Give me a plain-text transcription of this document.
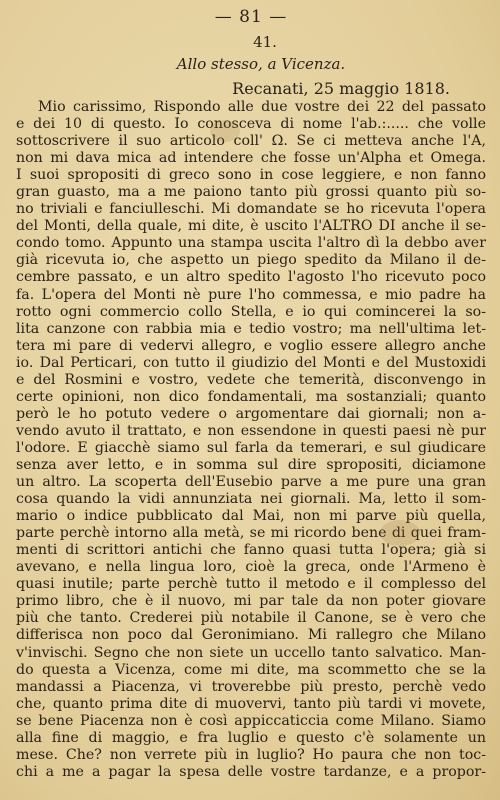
— 81 —
41.
Allo stesso, a Vicenza.
Recanati, 25 maggio 1818.
Mio carissimo, Rispondo alle due vostre dei 22 del passato
e dei 10 di questo. Io conosceva di nome l'ab.:..... che volle
sottoscrivere il suo articolo coll' Ω. Se ci metteva anche l'A,
non mi dava mica ad intendere che fosse un'Alpha et Omega.
I suoi spropositi di greco sono in cose leggiere, e non fanno
gran guasto, ma a me paiono tanto più grossi quanto più so-
no triviali e fanciulleschi. Mi domandate se ho ricevuta l'opera
del Monti, della quale, mi dite, è uscito l'ALTRO DI anche il se-
condo tomo. Appunto una stampa uscita l'altro dì la debbo aver
già ricevuta io, che aspetto un piego spedito da Milano il de-
cembre passato, e un altro spedito l'agosto l'ho ricevuto poco
fa. L'opera del Monti nè pure l'ho commessa, e mio padre ha
rotto ogni commercio collo Stella, e io qui comincerei la so-
lita canzone con rabbia mia e tedio vostro; ma nell'ultima let-
tera mi pare di vedervi allegro, e voglio essere allegro anche
io. Dal Perticari, con tutto il giudizio del Monti e del Mustoxidi
e del Rosmini e vostro, vedete che temerità, disconvengo in
certe opinioni, non dico fondamentali, ma sostanziali; quanto
però le ho potuto vedere o argomentare dai giornali; non a-
vendo avuto il trattato, e non essendone in questi paesi nè pur
l'odore. E giacchè siamo sul farla da temerari, e sul giudicare
senza aver letto, e in somma sul dire spropositi, diciamone
un altro. La scoperta dell'Eusebio parve a me pure una gran
cosa quando la vidi annunziata nei giornali. Ma, letto il som-
mario o indice pubblicato dal Mai, non mi parve più quella,
parte perchè intorno alla metà, se mi ricordo bene di quei fram-
menti di scrittori antichi che fanno quasi tutta l'opera; già si
avevano, e nella lingua loro, cioè la greca, onde l'Armeno è
quasi inutile; parte perchè tutto il metodo e il complesso del
primo libro, che è il nuovo, mi par tale da non poter giovare
più che tanto. Crederei più notabile il Canone, se è vero che
differisca non poco dal Geronimiano. Mi rallegro che Milano
v'invischi. Segno che non siete un uccello tanto salvatico. Man-
do questa a Vicenza, come mi dite, ma scommetto che se la
mandassi a Piacenza, vi troverebbe più presto, perchè vedo
che, quanto prima dite di muovervi, tanto più tardi vi movete,
se bene Piacenza non è così appiccaticcia come Milano. Siamo
alla fine di maggio, e fra luglio e questo c'è solamente un
mese. Che? non verrete più in luglio? Ho paura che non toc-
chi a me a pagar la spesa delle vostre tardanze, e a propor-
